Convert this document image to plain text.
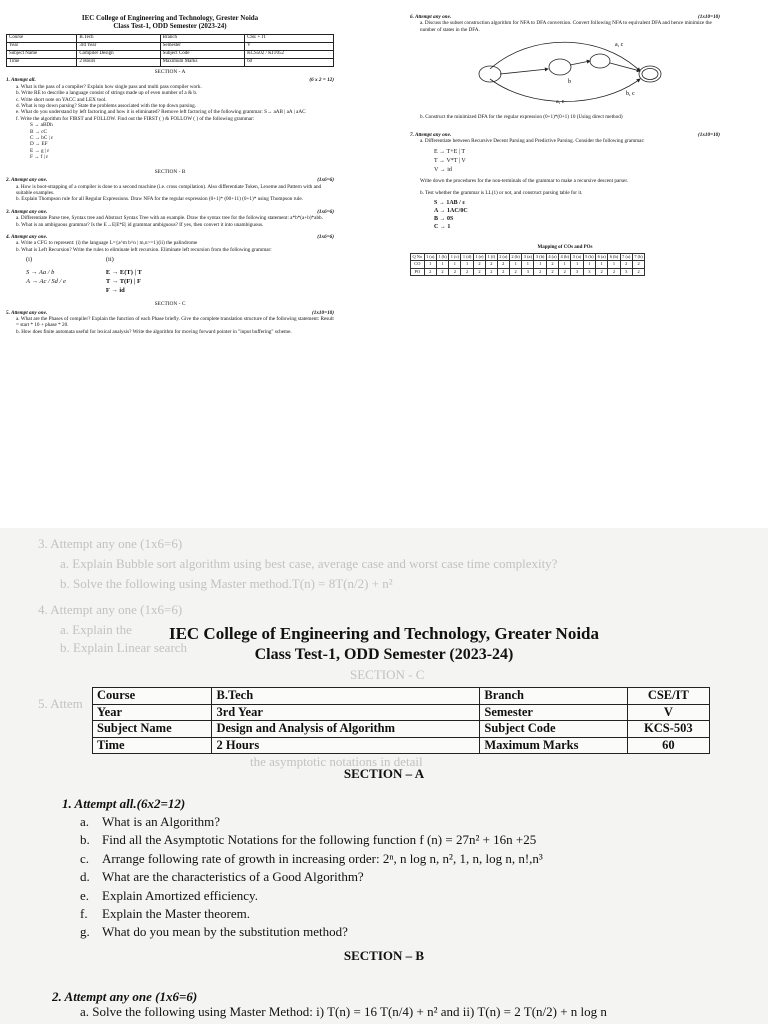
IEC College of Engineering and Technology, Grester Noida
Class Test-1, ODD Semester (2023-24)
Course	B.Tech	Branch	CSE + IT
Year	3rd Year	Semester	V
Subject Name	Compiler Design	Subject Code	KCS502 / KIT052
Time	2 Hours	Maximum Marks	60
SECTION - A
1. Attempt all.	(6 x 2 = 12)
a. What is the pass of a compiler? Explain how single pass and multi pass compiler work.
b. Write RE to describe a language consist of strings made up of even number of a & b.
c. Write short note on YACC and LEX tool.
d. What is top down parsing? State the problems associated with the top down parsing.
e. What do you understand by left factoring and how it is eliminated? Remove left factoring of the following grammar: S→ aAB | aA | aAC
f. Write the algorithm for FIRST and FOLLOW. Find out the FIRST ( ) & FOLLOW ( ) of the following grammar:
S → aBDh
B → cC
C → bC | ε
D → EF
E → g | ε
F → f | ε
SECTION - B
2. Attempt any one.	(1x6=6)
a. How is boot-strapping of a compiler is done to a second machine (i.e. cross compilation). Also differentiate Token, Lexeme and Pattern with and suitable examples.
b. Explain Thompson rule for all Regular Expressions. Draw NFA for the regular expression (0+1)* (00+11) (0+1)* using Thompson rule.
3. Attempt any one.	(1x6=6)
a. Differentiate Parse tree, Syntax tree and Abstract Syntax Tree with an example. Draw the syntax tree for the following statement: a*b*(a+b)*abb.
b. What is an ambiguous grammar? Is the E→E|E*E| id grammar ambiguous? If yes, then convert it into unambiguous.
4. Attempt any one.	(1x6=6)
a. Write a CFG to represent: (i) the language L={a^m b^n | m,n>=1}(ii) the palindrome
b. What is Left Recursion? Write the rules to eliminate left recursion. Eliminate left recursion from the following grammar:
(i)
S → Aa / b
A → Ac / Sd / e
(ii)
E → E(T) | T
T → T(F) | F
F → id
SECTION - C
5. Attempt any one.	(1x10=10)
a. What are the Phases of compiler? Explain the function of each Phase briefly. Give the complete translation structure of the following statement: Result = start * 10 + phase * 20.
b. How does finite automata useful for lexical analysis? Write the algorithm for moving forward pointer in "input buffering" scheme.
6. Attempt any one.	(1x10=10)
a. Discuss the subset construction algorithm for NFA to DFA conversion. Convert following NFA to equivalent DFA and hence minimize the number of states in the DFA.
a, c
b
b, c
a, c
b. Construct the minimized DFA for the regular expression (0+1)*(0+1) 10 (Using direct method)
7. Attempt any one.	(1x10=10)
a. Differentiate between Recursive Decent Parsing and Predictive Parsing. Consider the following grammar:
E → T+E | T
T → V*T | V
V → id
Write down the procedures for the non-terminals of the grammar to make a recursive descent parser.
b. Test whether the grammar is LL(1) or not, and construct parsing table for it.
S → 1AB / ε
A → 1AC/0C
B → 0S
C → 1
Mapping of COs and POs
Q No	1 (a)	1 (b)	1 (c)	1 (d)	1 (e)	1 (f)	2 (a)	2 (b)	3 (a)	3 (b)	4 (a)	4 (b)	5 (a)	5 (b)	6 (a)	6 (b)	7 (a)	7 (b)
CO	1	1	1	1	2	2	2	1	1	1	2	1	1	1	1	1	2	2
PO	2	2	2	2	2	2	2	2	3	2	2	2	3	3	2	2	3	2
3. Attempt any one (1x6=6)
a. Explain Bubble sort algorithm using best case, average case and worst case time complexity?
b. Solve the following using Master method.T(n) = 8T(n/2) + n²
4. Attempt any one (1x6=6)
a. Explain the
b. Explain Linear search
SECTION - C
5. Attem
the asymptotic notations in detail
IEC College of Engineering and Technology, Greater Noida
Class Test-1, ODD Semester (2023-24)
Course	B.Tech	Branch	CSE/IT
Year	3rd Year	Semester	V
Subject Name	Design and Analysis of Algorithm	Subject Code	KCS-503
Time	2 Hours	Maximum Marks	60
SECTION – A
1. Attempt all.(6x2=12)
a. What is an Algorithm?
b. Find all the Asymptotic Notations for the following function f (n) = 27n² + 16n +25
c. Arrange following rate of growth in increasing order: 2ⁿ, n log n, n², 1, n, log n, n!,n³
d. What are the characteristics of a Good Algorithm?
e. Explain Amortized efficiency.
f. Explain the Master theorem.
g. What do you mean by the substitution method?
SECTION – B
2. Attempt any one (1x6=6)
a. Solve the following using Master Method: i) T(n) = 16 T(n/4) + n² and ii) T(n) = 2 T(n/2) + n log n
